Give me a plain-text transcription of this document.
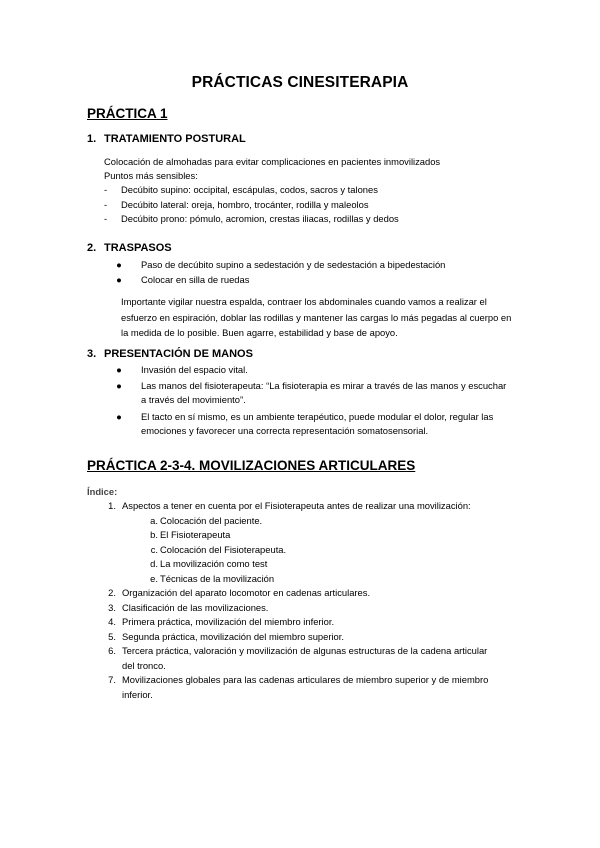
PRÁCTICAS CINESITERAPIA
PRÁCTICA 1
1. TRATAMIENTO POSTURAL
Colocación de almohadas para evitar complicaciones en pacientes inmovilizados
Puntos más sensibles:
- Decúbito supino: occipital, escápulas, codos, sacros y talones
- Decúbito lateral: oreja, hombro, trocánter, rodilla y maleolos
- Decúbito prono: pómulo, acromion, crestas iliacas, rodillas y dedos
2. TRASPASOS
● Paso de decúbito supino a sedestación y de sedestación a bipedestación
● Colocar en silla de ruedas
Importante vigilar nuestra espalda, contraer los abdominales cuando vamos a realizar el esfuerzo en espiración, doblar las rodillas y mantener las cargas lo más pegadas al cuerpo en la medida de lo posible. Buen agarre, estabilidad y base de apoyo.
3. PRESENTACIÓN DE MANOS
● Invasión del espacio vital.
● Las manos del fisioterapeuta: “La fisioterapia es mirar a través de las manos y escuchar a través del movimiento”.
● El tacto en sí mismo, es un ambiente terapéutico, puede modular el dolor, regular las emociones y favorecer una correcta representación somatosensorial.
PRÁCTICA 2-3-4. MOVILIZACIONES ARTICULARES
Índice:
1. Aspectos a tener en cuenta por el Fisioterapeuta antes de realizar una movilización:
a. Colocación del paciente.
b. El Fisioterapeuta
c. Colocación del Fisioterapeuta.
d. La movilización como test
e. Técnicas de la movilización
2. Organización del aparato locomotor en cadenas articulares.
3. Clasificación de las movilizaciones.
4. Primera práctica, movilización del miembro inferior.
5. Segunda práctica, movilización del miembro superior.
6. Tercera práctica, valoración y movilización de algunas estructuras de la cadena articular del tronco.
7. Movilizaciones globales para las cadenas articulares de miembro superior y de miembro inferior.
